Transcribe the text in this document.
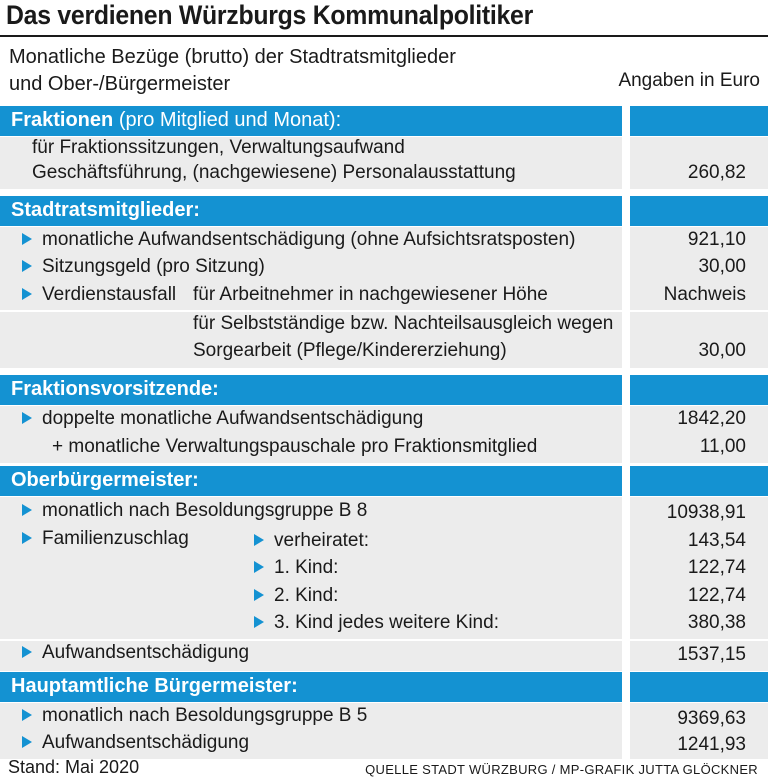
Das verdienen Würzburgs Kommunalpolitiker
Monatliche Bezüge (brutto) der Stadtratsmitglieder
und Ober-/Bürgermeister	Angaben in Euro
Fraktionen (pro Mitglied und Monat):
für Fraktionssitzungen, Verwaltungsaufwand
Geschäftsführung, (nachgewiesene) Personalausstattung	260,82
Stadtratsmitglieder:
monatliche Aufwandsentschädigung (ohne Aufsichtsratsposten)	921,10
Sitzungsgeld (pro Sitzung)	30,00
Verdienstausfall für Arbeitnehmer in nachgewiesener Höhe	Nachweis
für Selbstständige bzw. Nachteilsausgleich wegen
Sorgearbeit (Pflege/Kindererziehung)	30,00
Fraktionsvorsitzende:
doppelte monatliche Aufwandsentschädigung	1842,20
+ monatliche Verwaltungspauschale pro Fraktionsmitglied	11,00
Oberbürgermeister:
monatlich nach Besoldungsgruppe B 8	10938,91
Familienzuschlag	verheiratet:	143,54
1. Kind:	122,74
2. Kind:	122,74
3. Kind jedes weitere Kind:	380,38
Aufwandsentschädigung	1537,15
Hauptamtliche Bürgermeister:
monatlich nach Besoldungsgruppe B 5	9369,63
Aufwandsentschädigung	1241,93
Stand: Mai 2020	QUELLE STADT WÜRZBURG / MP-GRAFIK JUTTA GLÖCKNER
